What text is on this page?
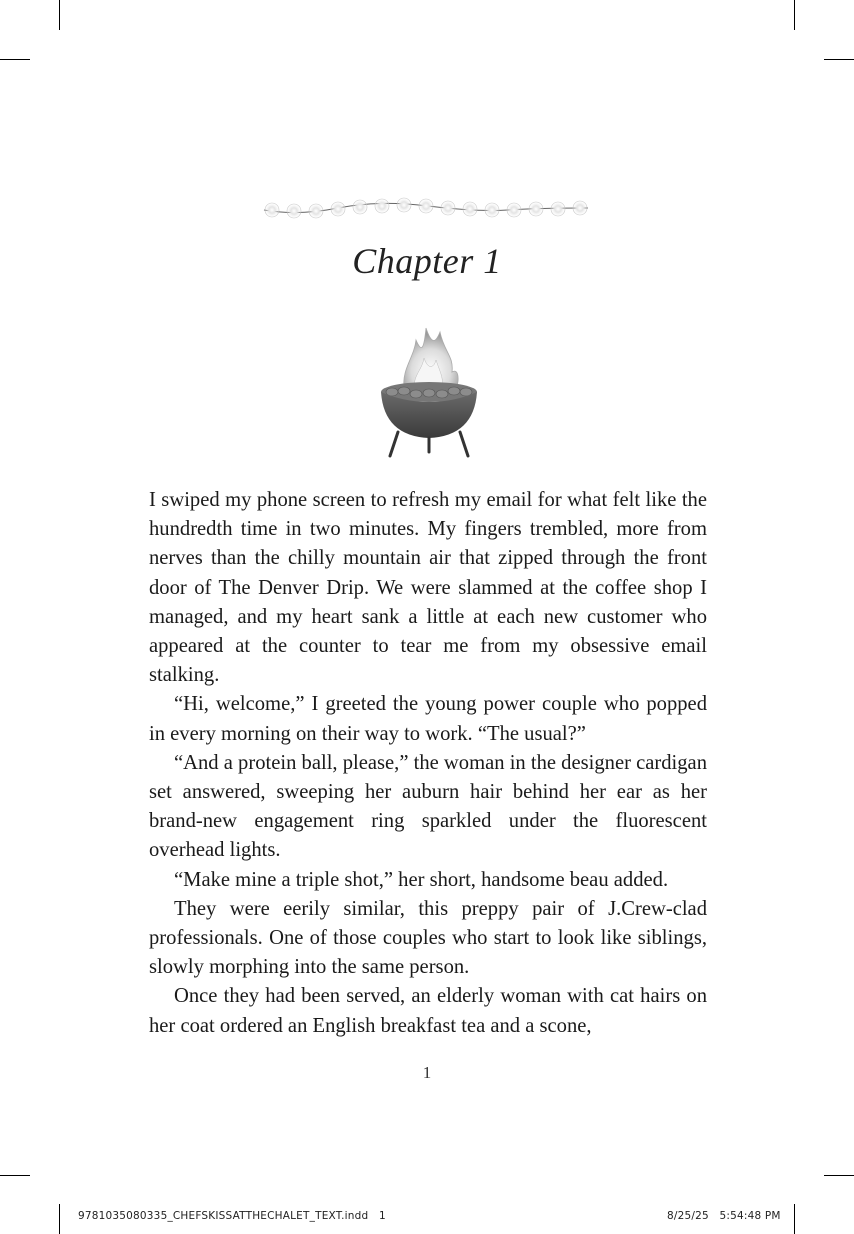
Chapter 1

I swiped my phone screen to refresh my email for what felt like the hundredth time in two minutes. My fingers trembled, more from nerves than the chilly mountain air that zipped through the front door of The Denver Drip. We were slammed at the coffee shop I managed, and my heart sank a little at each new customer who appeared at the counter to tear me from my obsessive email stalking.

“Hi, welcome,” I greeted the young power couple who popped in every morning on their way to work. “The usual?”

“And a protein ball, please,” the woman in the designer cardigan set answered, sweeping her auburn hair behind her ear as her brand-new engagement ring sparkled under the fluorescent overhead lights.

“Make mine a triple shot,” her short, handsome beau added.

They were eerily similar, this preppy pair of J.Crew-clad professionals. One of those couples who start to look like siblings, slowly morphing into the same person.

Once they had been served, an elderly woman with cat hairs on her coat ordered an English breakfast tea and a scone,

1
9781035080335_CHEFSKISSATTHECHALET_TEXT.indd   1	8/25/25   5:54:48 PM
